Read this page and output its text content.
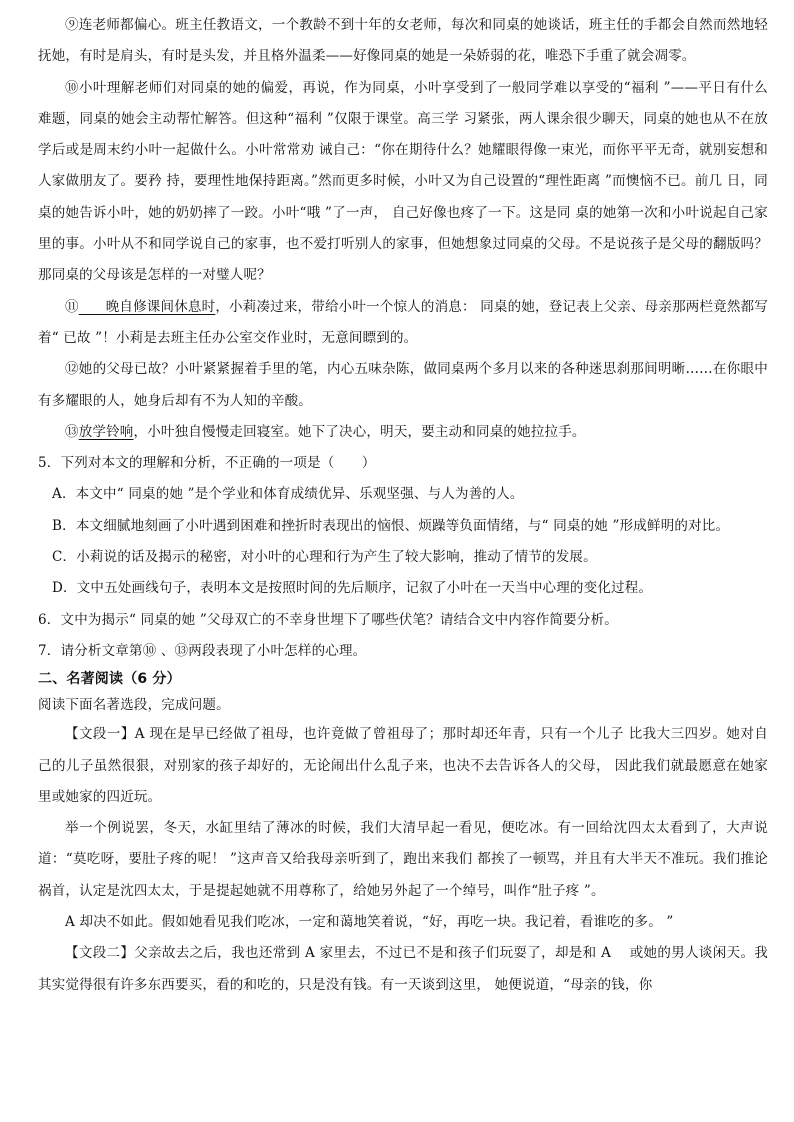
⑨连老师都偏心。班主任教语文，一个教龄不到十年的女老师，每次和同桌的她谈话，班主任的手都会自然而然地轻抚她，有时是肩头，有时是头发，并且格外温柔——好像同桌的她是一朵娇弱的花，唯恐下手重了就会凋零。

⑩小叶理解老师们对同桌的她的偏爱，再说，作为同桌，小叶享受到了一般同学难以享受的“福利 ”——平日有什么难题，同桌的她会主动帮忙解答。但这种“福利 ”仅限于课堂。高三学 习紧张，两人课余很少聊天，同桌的她也从不在放学后或是周末约小叶一起做什么。小叶常常劝 诫自己：“你在期待什么？她耀眼得像一束光，而你平平无奇，就别妄想和人家做朋友了。要矜 持，要理性地保持距离。”然而更多时候，小叶又为自己设置的“理性距离 ”而懊恼不已。前几 日，同桌的她告诉小叶，她的奶奶摔了一跤。小叶“哦 ”了一声， 自己好像也疼了一下。这是同 桌的她第一次和小叶说起自己家里的事。小叶从不和同学说自己的家事，也不爱打听别人的家事，但她想象过同桌的父母。不是说孩子是父母的翻版吗？那同桌的父母该是怎样的一对璧人呢？

⑪      晚自修课间休息时，小莉凑过来，带给小叶一个惊人的消息： 同桌的她，登记表上父亲、母亲那两栏竟然都写着“ 已故 ”！小莉是去班主任办公室交作业时，无意间瞟到的。

⑫她的父母已故？小叶紧紧握着手里的笔，内心五味杂陈，做同桌两个多月以来的各种迷思刹那间明晰……在你眼中有多耀眼的人，她身后却有不为人知的辛酸。

⑬放学铃响，小叶独自慢慢走回寝室。她下了决心，明天，要主动和同桌的她拉拉手。

5．下列对本文的理解和分析，不正确的一项是（　　）

A．本文中“ 同桌的她 ”是个学业和体育成绩优异、乐观坚强、与人为善的人。

B．本文细腻地刻画了小叶遇到困难和挫折时表现出的恼恨、烦躁等负面情绪，与“ 同桌的她 ”形成鲜明的对比。

C．小莉说的话及揭示的秘密，对小叶的心理和行为产生了较大影响，推动了情节的发展。

D．文中五处画线句子，表明本文是按照时间的先后顺序，记叙了小叶在一天当中心理的变化过程。

6．文中为揭示“ 同桌的她 ”父母双亡的不幸身世埋下了哪些伏笔？请结合文中内容作简要分析。

7．请分析文章第⑩ 、⑬两段表现了小叶怎样的心理。

二、名著阅读（6 分）

阅读下面名著选段，完成问题。

【文段一】A 现在是早已经做了祖母，也许竟做了曾祖母了；那时却还年青，只有一个儿子 比我大三四岁。她对自己的儿子虽然很狠，对别家的孩子却好的，无论闹出什么乱子来，也决不去告诉各人的父母， 因此我们就最愿意在她家里或她家的四近玩。

举一个例说罢，冬天，水缸里结了薄冰的时候，我们大清早起一看见，便吃冰。有一回给沈四太太看到了，大声说道：“莫吃呀，要肚子疼的呢！ ”这声音又给我母亲听到了，跑出来我们 都挨了一顿骂，并且有大半天不准玩。我们推论祸首，认定是沈四太太，于是提起她就不用尊称了，给她另外起了一个绰号，叫作“肚子疼 ”。

A 却决不如此。假如她看见我们吃冰，一定和蔼地笑着说，“好，再吃一块。我记着，看谁吃的多。 ”

【文段二】父亲故去之后，我也还常到 A 家里去，不过已不是和孩子们玩耍了，却是和 A　 或她的男人谈闲天。我其实觉得很有许多东西要买，看的和吃的，只是没有钱。有一天谈到这里， 她便说道，“母亲的钱，你
